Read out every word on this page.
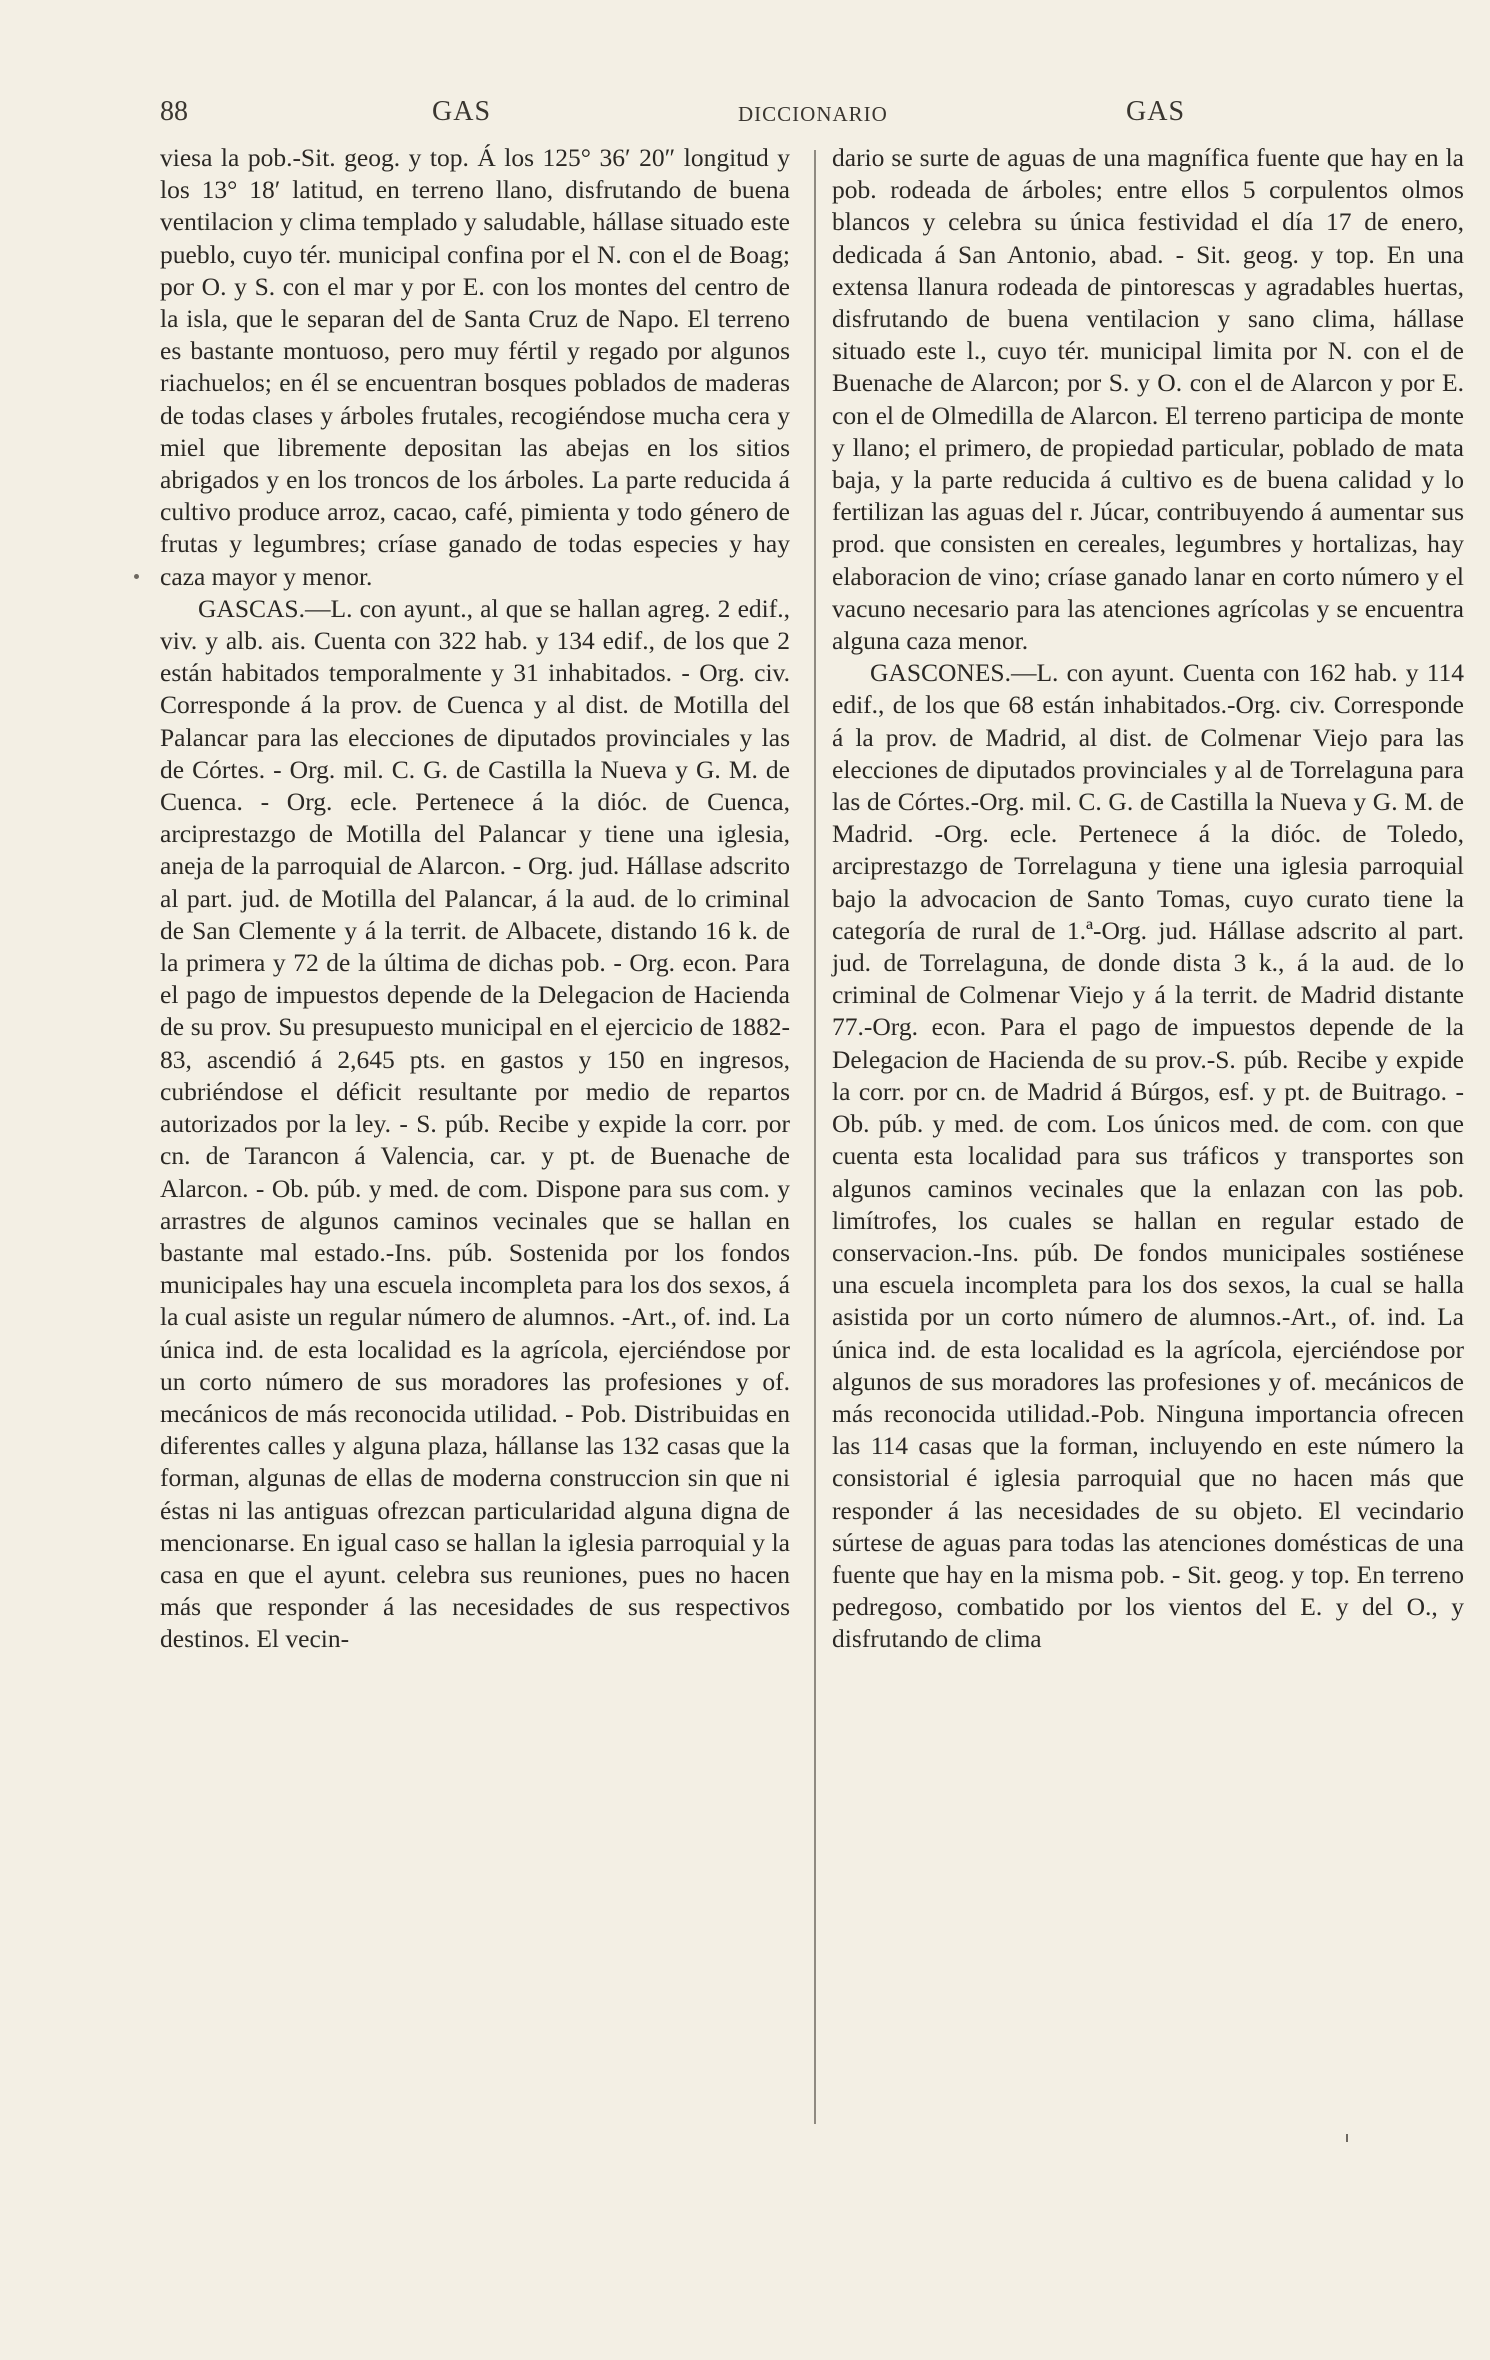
88	GAS	DICCIONARIO	GAS

viesa la pob.-Sit. geog. y top. Á los 125° 36′ 20″ longitud y los 13° 18′ latitud, en terreno llano, disfrutando de buena ventilacion y clima templado y saludable, hállase situado este pueblo, cuyo tér. municipal confina por el N. con el de Boag; por O. y S. con el mar y por E. con los montes del centro de la isla, que le separan del de Santa Cruz de Napo. El terreno es bastante montuoso, pero muy fértil y regado por algunos riachuelos; en él se encuentran bosques poblados de maderas de todas clases y árboles frutales, recogiéndose mucha cera y miel que libremente depositan las abejas en los sitios abrigados y en los troncos de los árboles. La parte reducida á cultivo produce arroz, cacao, café, pimienta y todo género de frutas y legumbres; críase ganado de todas especies y hay caza mayor y menor.

GASCAS.—L. con ayunt., al que se hallan agreg. 2 edif., viv. y alb. ais. Cuenta con 322 hab. y 134 edif., de los que 2 están habitados temporalmente y 31 inhabitados. - Org. civ. Corresponde á la prov. de Cuenca y al dist. de Motilla del Palancar para las elecciones de diputados provinciales y las de Córtes. - Org. mil. C. G. de Castilla la Nueva y G. M. de Cuenca. - Org. ecle. Pertenece á la dióc. de Cuenca, arciprestazgo de Motilla del Palancar y tiene una iglesia, aneja de la parroquial de Alarcon. - Org. jud. Hállase adscrito al part. jud. de Motilla del Palancar, á la aud. de lo criminal de San Clemente y á la territ. de Albacete, distando 16 k. de la primera y 72 de la última de dichas pob. - Org. econ. Para el pago de impuestos depende de la Delegacion de Hacienda de su prov. Su presupuesto municipal en el ejercicio de 1882-83, ascendió á 2,645 pts. en gastos y 150 en ingresos, cubriéndose el déficit resultante por medio de repartos autorizados por la ley. - S. púb. Recibe y expide la corr. por cn. de Tarancon á Valencia, car. y pt. de Buenache de Alarcon. - Ob. púb. y med. de com. Dispone para sus com. y arrastres de algunos caminos vecinales que se hallan en bastante mal estado.-Ins. púb. Sostenida por los fondos municipales hay una escuela incompleta para los dos sexos, á la cual asiste un regular número de alumnos. -Art., of. ind. La única ind. de esta localidad es la agrícola, ejerciéndose por un corto número de sus moradores las profesiones y of. mecánicos de más reconocida utilidad. - Pob. Distribuidas en diferentes calles y alguna plaza, hállanse las 132 casas que la forman, algunas de ellas de moderna construccion sin que ni éstas ni las antiguas ofrezcan particularidad alguna digna de mencionarse. En igual caso se hallan la iglesia parroquial y la casa en que el ayunt. celebra sus reuniones, pues no hacen más que responder á las necesidades de sus respectivos destinos. El vecin-

dario se surte de aguas de una magnífica fuente que hay en la pob. rodeada de árboles; entre ellos 5 corpulentos olmos blancos y celebra su única festividad el día 17 de enero, dedicada á San Antonio, abad. - Sit. geog. y top. En una extensa llanura rodeada de pintorescas y agradables huertas, disfrutando de buena ventilacion y sano clima, hállase situado este l., cuyo tér. municipal limita por N. con el de Buenache de Alarcon; por S. y O. con el de Alarcon y por E. con el de Olmedilla de Alarcon. El terreno participa de monte y llano; el primero, de propiedad particular, poblado de mata baja, y la parte reducida á cultivo es de buena calidad y lo fertilizan las aguas del r. Júcar, contribuyendo á aumentar sus prod. que consisten en cereales, legumbres y hortalizas, hay elaboracion de vino; críase ganado lanar en corto número y el vacuno necesario para las atenciones agrícolas y se encuentra alguna caza menor.

GASCONES.—L. con ayunt. Cuenta con 162 hab. y 114 edif., de los que 68 están inhabitados.-Org. civ. Corresponde á la prov. de Madrid, al dist. de Colmenar Viejo para las elecciones de diputados provinciales y al de Torrelaguna para las de Córtes.-Org. mil. C. G. de Castilla la Nueva y G. M. de Madrid. -Org. ecle. Pertenece á la dióc. de Toledo, arciprestazgo de Torrelaguna y tiene una iglesia parroquial bajo la advocacion de Santo Tomas, cuyo curato tiene la categoría de rural de 1.ª-Org. jud. Hállase adscrito al part. jud. de Torrelaguna, de donde dista 3 k., á la aud. de lo criminal de Colmenar Viejo y á la territ. de Madrid distante 77.-Org. econ. Para el pago de impuestos depende de la Delegacion de Hacienda de su prov.-S. púb. Recibe y expide la corr. por cn. de Madrid á Búrgos, esf. y pt. de Buitrago. - Ob. púb. y med. de com. Los únicos med. de com. con que cuenta esta localidad para sus tráficos y transportes son algunos caminos vecinales que la enlazan con las pob. limítrofes, los cuales se hallan en regular estado de conservacion.-Ins. púb. De fondos municipales sostiénese una escuela incompleta para los dos sexos, la cual se halla asistida por un corto número de alumnos.-Art., of. ind. La única ind. de esta localidad es la agrícola, ejerciéndose por algunos de sus moradores las profesiones y of. mecánicos de más reconocida utilidad.-Pob. Ninguna importancia ofrecen las 114 casas que la forman, incluyendo en este número la consistorial é iglesia parroquial que no hacen más que responder á las necesidades de su objeto. El vecindario súrtese de aguas para todas las atenciones domésticas de una fuente que hay en la misma pob. - Sit. geog. y top. En terreno pedregoso, combatido por los vientos del E. y del O., y disfrutando de clima
